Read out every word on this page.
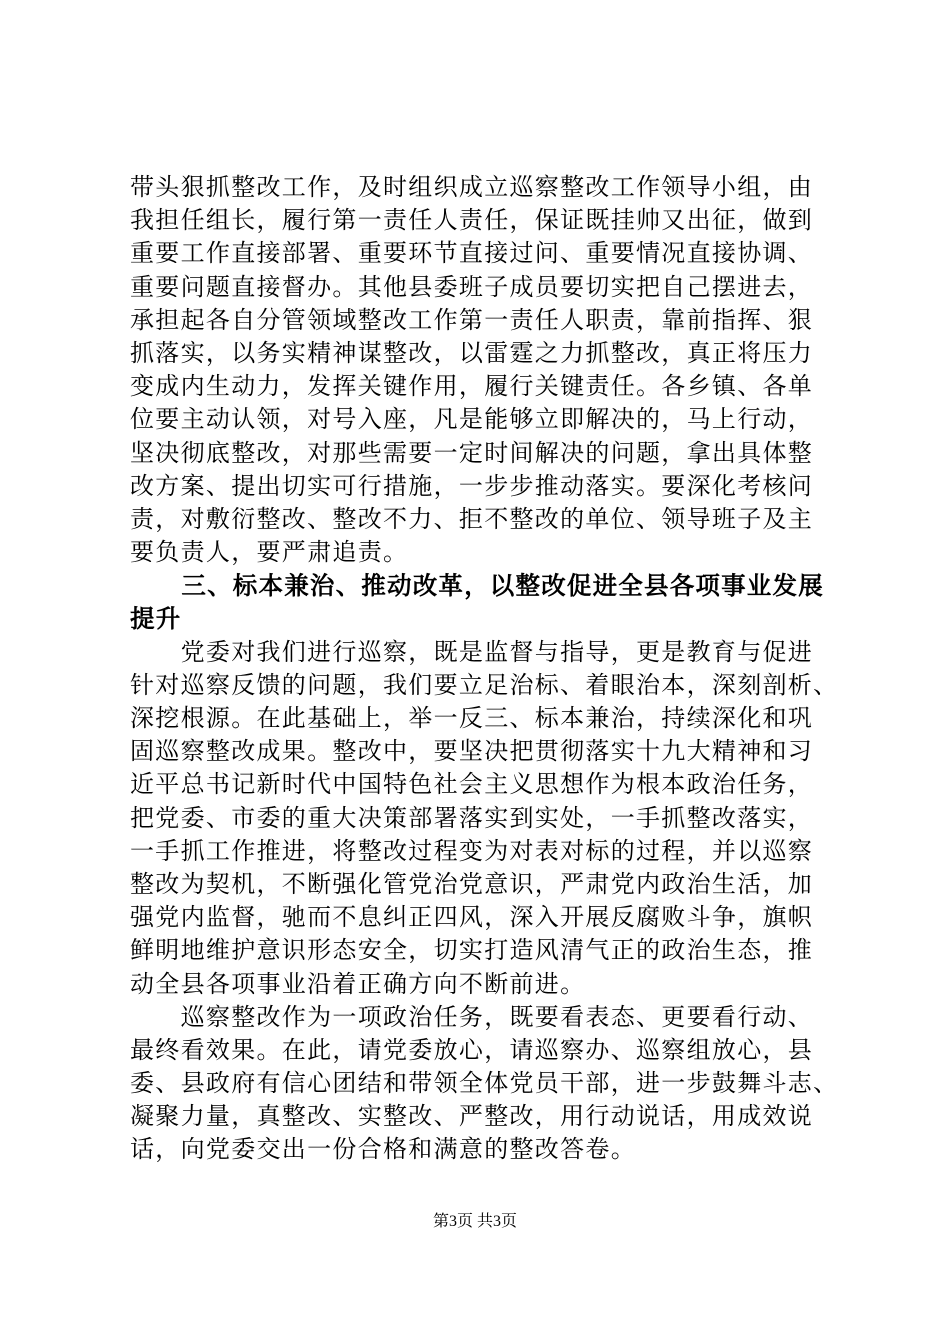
带头狠抓整改工作，及时组织成立巡察整改工作领导小组，由
我担任组长，履行第一责任人责任，保证既挂帅又出征，做到
重要工作直接部署、重要环节直接过问、重要情况直接协调、
重要问题直接督办。其他县委班子成员要切实把自己摆进去，
承担起各自分管领域整改工作第一责任人职责，靠前指挥、狠
抓落实，以务实精神谋整改，以雷霆之力抓整改，真正将压力
变成内生动力，发挥关键作用，履行关键责任。各乡镇、各单
位要主动认领，对号入座，凡是能够立即解决的，马上行动，
坚决彻底整改，对那些需要一定时间解决的问题，拿出具体整
改方案、提出切实可行措施，一步步推动落实。要深化考核问
责，对敷衍整改、整改不力、拒不整改的单位、领导班子及主
要负责人，要严肃追责。
　　三、标本兼治、推动改革，以整改促进全县各项事业发展
提升
　　党委对我们进行巡察，既是监督与指导，更是教育与促进
针对巡察反馈的问题，我们要立足治标、着眼治本，深刻剖析、
深挖根源。在此基础上，举一反三、标本兼治，持续深化和巩
固巡察整改成果。整改中，要坚决把贯彻落实十九大精神和习
近平总书记新时代中国特色社会主义思想作为根本政治任务，
把党委、市委的重大决策部署落实到实处，一手抓整改落实，
一手抓工作推进，将整改过程变为对表对标的过程，并以巡察
整改为契机，不断强化管党治党意识，严肃党内政治生活，加
强党内监督，驰而不息纠正四风，深入开展反腐败斗争，旗帜
鲜明地维护意识形态安全，切实打造风清气正的政治生态，推
动全县各项事业沿着正确方向不断前进。
　　巡察整改作为一项政治任务，既要看表态、更要看行动、
最终看效果。在此，请党委放心，请巡察办、巡察组放心，县
委、县政府有信心团结和带领全体党员干部，进一步鼓舞斗志、
凝聚力量，真整改、实整改、严整改，用行动说话，用成效说
话，向党委交出一份合格和满意的整改答卷。
第3页 共3页
